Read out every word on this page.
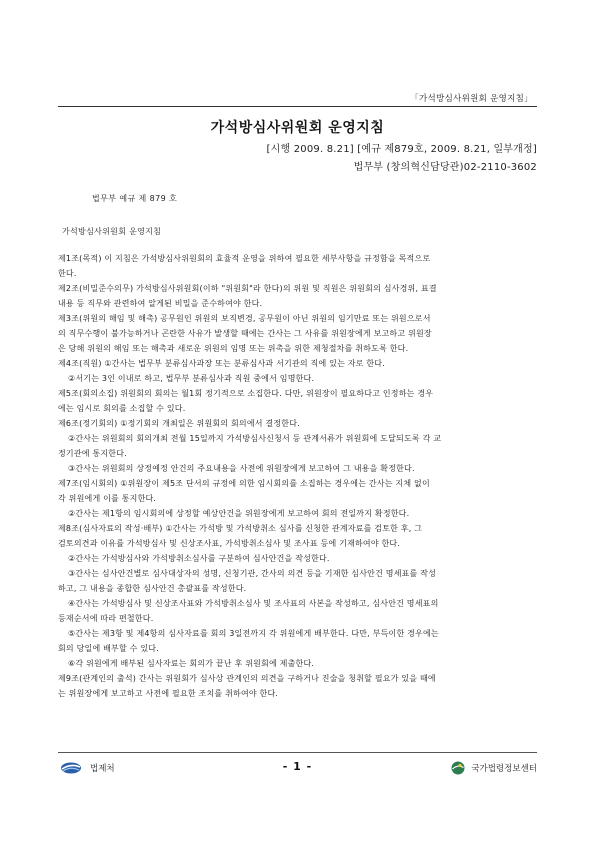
「가석방심사위원회 운영지침」
가석방심사위원회 운영지침
[시행 2009. 8.21] [예규 제879호, 2009. 8.21, 일부개정]
법무부 (창의혁신담당관)02-2110-3602
법무부 예규 제 879 호
가석방심사위원회 운영지침
제1조(목적) 이 지침은 가석방심사위원회의 효율적 운영을 위하여 필요한 세부사항을 규정함을 목적으로
한다.
제2조(비밀준수의무) 가석방심사위원회(이하 "위원회"라 한다)의 위원 및 직원은 위원회의 심사경위, 표결
내용 등 직무와 관련하여 알게된 비밀을 준수하여야 한다.
제3조(위원의 해임 및 해촉) 공무원인 위원의 보직변경, 공무원이 아닌 위원의 임기만료 또는 위원으로서
의 직무수행이 불가능하거나 곤란한 사유가 발생할 때에는 간사는 그 사유를 위원장에게 보고하고 위원장
은 당해 위원의 해임 또는 해촉과 새로운 위원의 임명 또는 위촉을 위한 제청절차를 취하도록 한다.
제4조(직원) ①간사는 법무부 분류심사과장 또는 분류심사과 서기관의 직에 있는 자로 한다.
②서기는 3인 이내로 하고, 법무부 분류심사과 직원 중에서 임명한다.
제5조(회의소집) 위원회의 회의는 월1회 정기적으로 소집한다. 다만, 위원장이 필요하다고 인정하는 경우
에는 임시로 회의를 소집할 수 있다.
제6조(정기회의) ①정기회의 개최일은 위원회의 회의에서 결정한다.
②간사는 위원회의 회의개최 전월 15일까지 가석방심사신청서 등 관계서류가 위원회에 도달되도록 각 교
정기관에 통지한다.
③간사는 위원회의 상정예정 안건의 주요내용을 사전에 위원장에게 보고하여 그 내용을 확정한다.
제7조(임시회의) ①위원장이 제5조 단서의 규정에 의한 임시회의를 소집하는 경우에는 간사는 지체 없이
각 위원에게 이를 통지한다.
②간사는 제1항의 임시회의에 상정할 예상안건을 위원장에게 보고하여 회의 전일까지 확정한다.
제8조(심사자료의 작성·배부) ①간사는 가석방 및 가석방취소 심사를 신청한 관계자료를 검토한 후, 그
검토의견과 이유를 가석방심사 및 신상조사표, 가석방취소심사 및 조사표 등에 기재하여야 한다.
②간사는 가석방심사와 가석방취소심사를 구분하여 심사안건을 작성한다.
③간사는 심사안건별로 심사대상자의 성명, 신청기관, 간사의 의견 등을 기재한 심사안건 명세표를 작성
하고, 그 내용을 종합한 심사안건 총괄표를 작성한다.
④간사는 가석방심사 및 신상조사표와 가석방취소심사 및 조사표의 사본을 작성하고, 심사안건 명세표의
등재순서에 따라 편철한다.
⑤간사는 제3항 및 제4항의 심사자료를 회의 3일전까지 각 위원에게 배부한다. 다만, 부득이한 경우에는
회의 당일에 배부할 수 있다.
⑥각 위원에게 배부된 심사자료는 회의가 끝난 후 위원회에 제출한다.
제9조(관계인의 출석) 간사는 위원회가 심사상 관계인의 의견을 구하거나 진술을 청취할 필요가 있을 때에
는 위원장에게 보고하고 사전에 필요한 조치를 취하여야 한다.
법제처	- 1 -	국가법령정보센터
